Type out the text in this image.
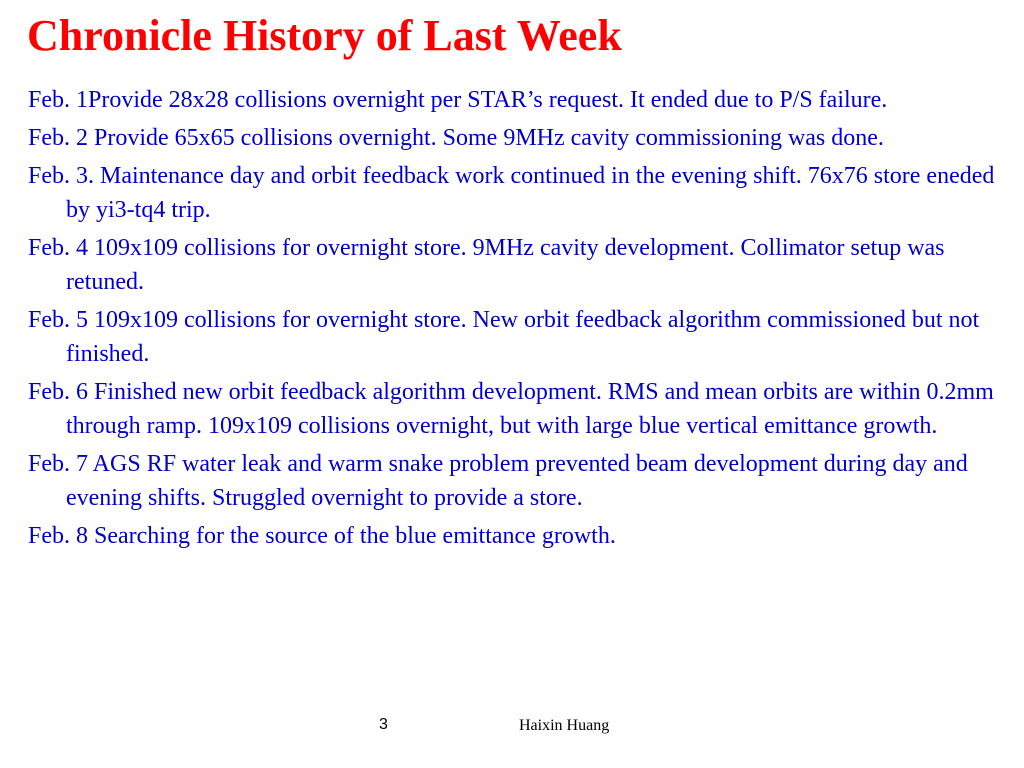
Chronicle History of Last Week
Feb. 1Provide 28x28 collisions overnight per STAR’s request. It ended due to P/S failure.
Feb. 2 Provide 65x65 collisions overnight. Some 9MHz cavity commissioning was done.
Feb. 3. Maintenance day and orbit feedback work continued in the evening shift. 76x76 store eneded by yi3-tq4 trip.
Feb. 4 109x109 collisions for overnight store. 9MHz cavity development. Collimator setup was retuned.
Feb. 5 109x109 collisions for overnight store. New orbit feedback algorithm commissioned but not finished.
Feb. 6 Finished new orbit feedback algorithm development. RMS and mean orbits are within 0.2mm through ramp. 109x109 collisions overnight, but with large blue vertical emittance growth.
Feb. 7 AGS RF water leak and warm snake problem prevented beam development during day and evening shifts. Struggled overnight to provide a store.
Feb. 8 Searching for the source of the blue emittance growth.
3	Haixin Huang
